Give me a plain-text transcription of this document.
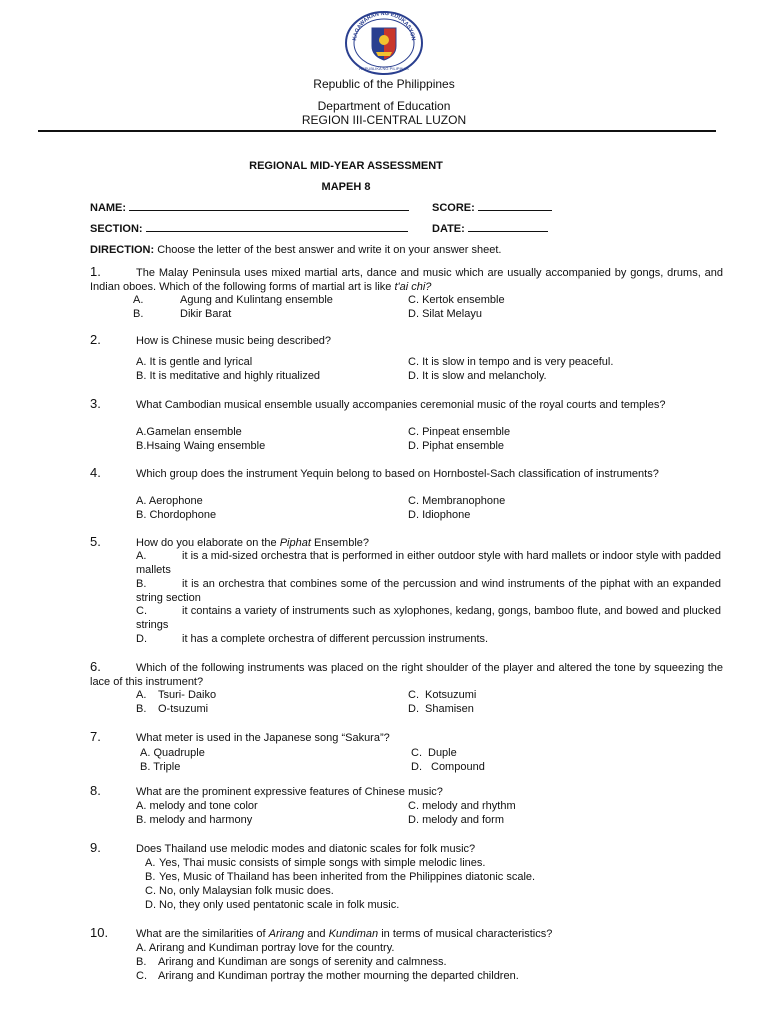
KAGAWARAN NG EDUKASYON
REPUBLIKA NG PILIPINAS
Republic of the Philippines
Department of Education
REGION III-CENTRAL LUZON
REGIONAL MID-YEAR ASSESSMENT
MAPEH 8
NAME:	SCORE:
SECTION:	DATE:
DIRECTION: Choose the letter of the best answer and write it on your answer sheet.
1.	The Malay Peninsula uses mixed martial arts, dance and music which are usually accompanied by gongs, drums, and Indian oboes. Which of the following forms of martial art is like t'ai chi?
A.	Agung and Kulintang ensemble	C. Kertok ensemble
B.	Dikir Barat	D. Silat Melayu
2.	How is Chinese music being described?
A. It is gentle and lyrical	C. It is slow in tempo and is very peaceful.
B. It is meditative and highly ritualized	D. It is slow and melancholy.
3.	What Cambodian musical ensemble usually accompanies ceremonial music of the royal courts and temples?
A.Gamelan ensemble	C. Pinpeat ensemble
B.Hsaing Waing ensemble	D. Piphat ensemble
4.	Which group does the instrument Yequin belong to based on Hornbostel-Sach classification of instruments?
A. Aerophone	C. Membranophone
B. Chordophone	D. Idiophone
5.	How do you elaborate on the Piphat Ensemble?
A.	it is a mid-sized orchestra that is performed in either outdoor style with hard mallets or indoor style with padded mallets
B.	it is an orchestra that combines some of the percussion and wind instruments of the piphat with an expanded string section
C.	it contains a variety of instruments such as xylophones, kedang, gongs, bamboo flute, and bowed and plucked strings
D.	it has a complete orchestra of different percussion instruments.
6.	Which of the following instruments was placed on the right shoulder of the player and altered the tone by squeezing the lace of this instrument?
A. Tsuri- Daiko	C. Kotsuzumi
B. O-tsuzumi	D. Shamisen
7.	What meter is used in the Japanese song “Sakura”?
A. Quadruple	C. Duple
B. Triple	D. Compound
8.	What are the prominent expressive features of Chinese music?
A. melody and tone color	C. melody and rhythm
B. melody and harmony	D. melody and form
9.	Does Thailand use melodic modes and diatonic scales for folk music?
A. Yes, Thai music consists of simple songs with simple melodic lines.
B. Yes, Music of Thailand has been inherited from the Philippines diatonic scale.
C. No, only Malaysian folk music does.
D. No, they only used pentatonic scale in folk music.
10.	What are the similarities of Arirang and Kundiman in terms of musical characteristics?
A. Arirang and Kundiman portray love for the country.
B. Arirang and Kundiman are songs of serenity and calmness.
C. Arirang and Kundiman portray the mother mourning the departed children.
